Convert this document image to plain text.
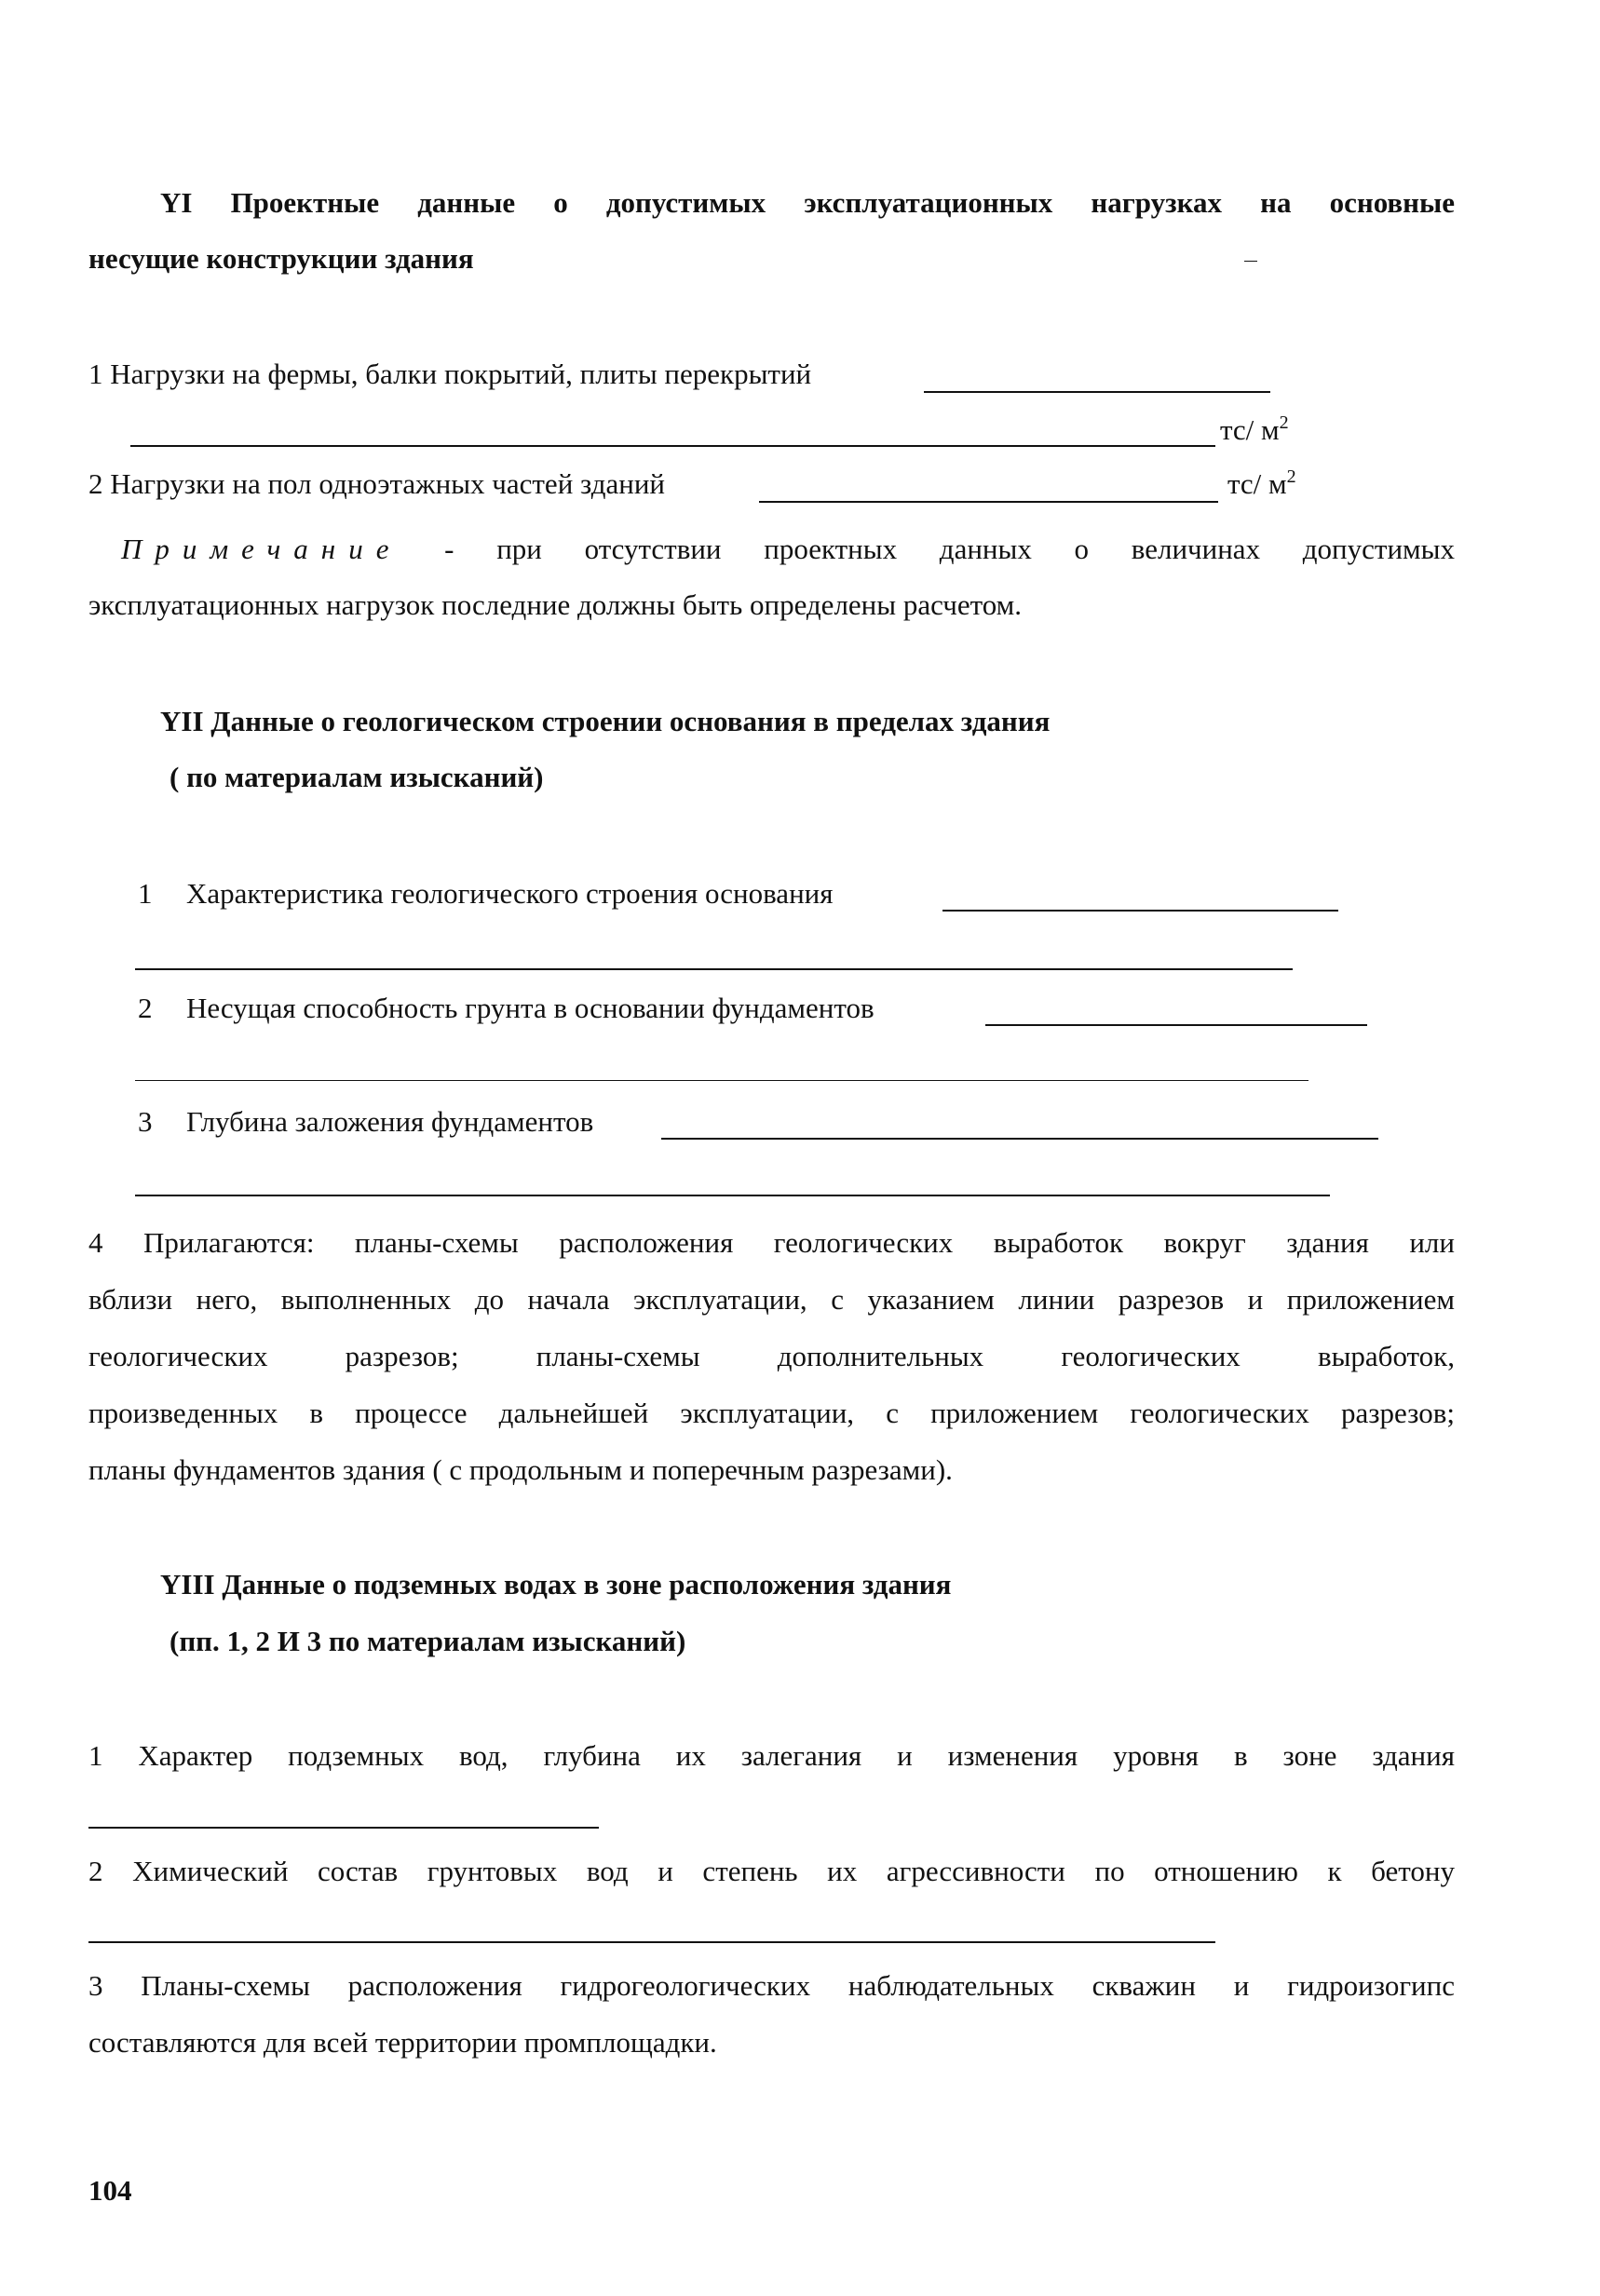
YI Проектные данные о допустимых эксплуатационных нагрузках на основные
несущие конструкции здания
1 Нагрузки на фермы, балки покрытий, плиты перекрытий
тс/ $м^2$
2 Нагрузки на пол одноэтажных частей зданий	тс/ $м^2$
Примечание - при отсутствии проектных данных о величинах допустимых
эксплуатационных нагрузок последние должны быть определены расчетом.
YII Данные о геологическом строении основания в пределах здания
( по материалам изысканий)
1 Характеристика геологического строения основания
2 Несущая способность грунта в основании фундаментов
3 Глубина заложения фундаментов
4 Прилагаются: планы-схемы расположения геологических выработок вокруг здания или
вблизи него, выполненных до начала эксплуатации, с указанием линии разрезов и приложением
геологических разрезов; планы-схемы дополнительных геологических выработок,
произведенных в процессе дальнейшей эксплуатации, с приложением геологических разрезов;
планы фундаментов здания ( с продольным и поперечным разрезами).
YIII Данные о подземных водах в зоне расположения здания
(пп. 1, 2 И 3 по материалам изысканий)
1 Характер подземных вод, глубина их залегания и изменения уровня в зоне здания
2 Химический состав грунтовых вод и степень их агрессивности по отношению к бетону
3 Планы-схемы расположения гидрогеологических наблюдательных скважин и гидроизогипс
составляются для всей территории промплощадки.
104
